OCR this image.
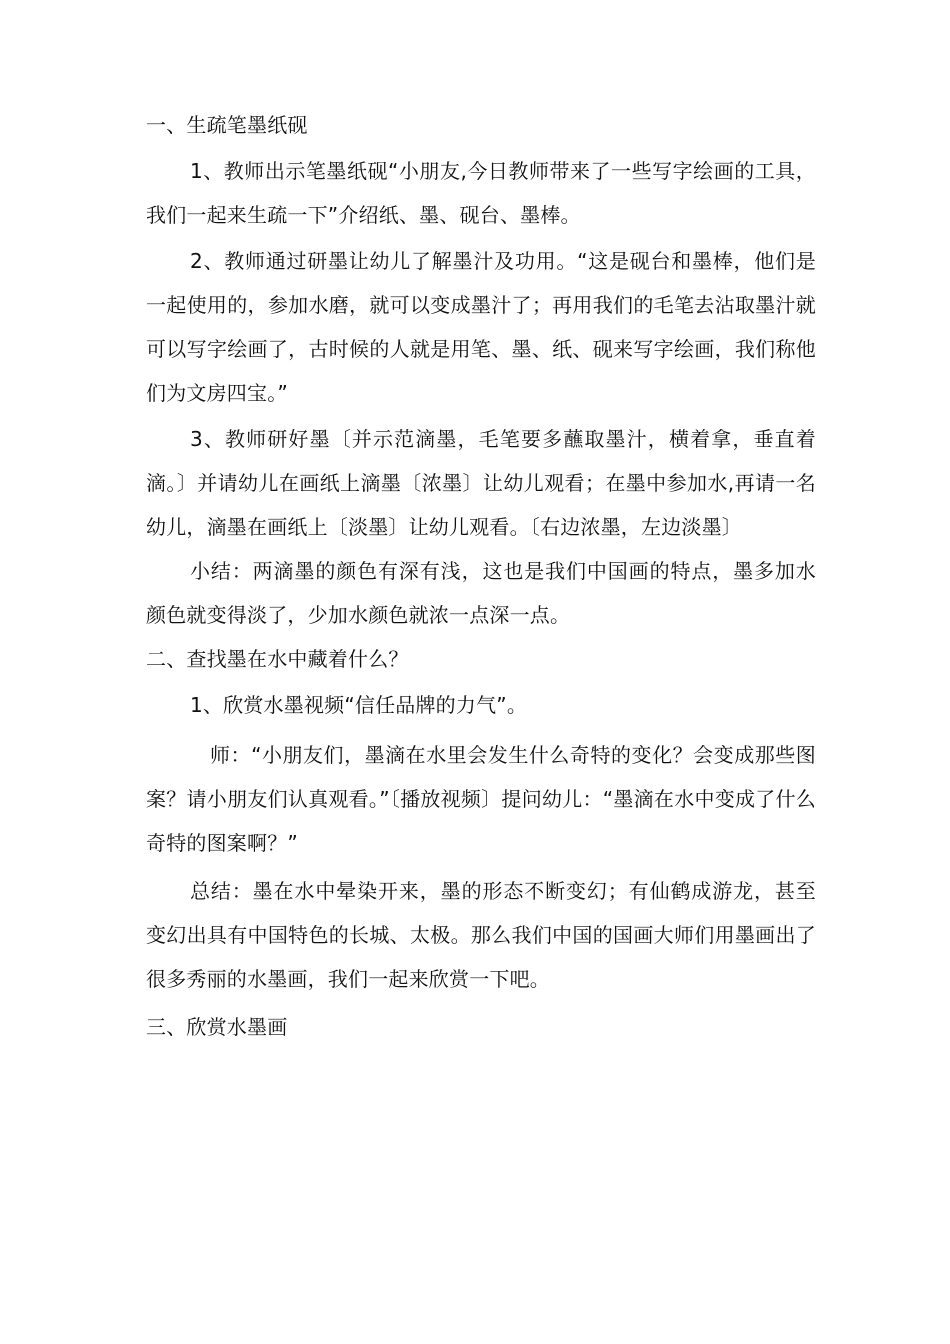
一、生疏笔墨纸砚

1、教师出示笔墨纸砚“小朋友,今日教师带来了一些写字绘画的工具，我们一起来生疏一下”介绍纸、墨、砚台、墨棒。

2、教师通过研墨让幼儿了解墨汁及功用。“这是砚台和墨棒，他们是一起使用的，参加水磨，就可以变成墨汁了；再用我们的毛笔去沾取墨汁就可以写字绘画了，古时候的人就是用笔、墨、纸、砚来写字绘画，我们称他们为文房四宝。”

3、教师研好墨〔并示范滴墨，毛笔要多蘸取墨汁，横着拿，垂直着滴。〕并请幼儿在画纸上滴墨〔浓墨〕让幼儿观看；在墨中参加水,再请一名幼儿，滴墨在画纸上〔淡墨〕让幼儿观看。〔右边浓墨，左边淡墨〕

小结：两滴墨的颜色有深有浅，这也是我们中国画的特点，墨多加水颜色就变得淡了，少加水颜色就浓一点深一点。

二、查找墨在水中藏着什么？

1、欣赏水墨视频“信任品牌的力气”。

师：“小朋友们，墨滴在水里会发生什么奇特的变化？会变成那些图案？请小朋友们认真观看。”〔播放视频〕提问幼儿：“墨滴在水中变成了什么奇特的图案啊？”

总结：墨在水中晕染开来，墨的形态不断变幻；有仙鹤成游龙，甚至变幻出具有中国特色的长城、太极。那么我们中国的国画大师们用墨画出了很多秀丽的水墨画，我们一起来欣赏一下吧。

三、欣赏水墨画
